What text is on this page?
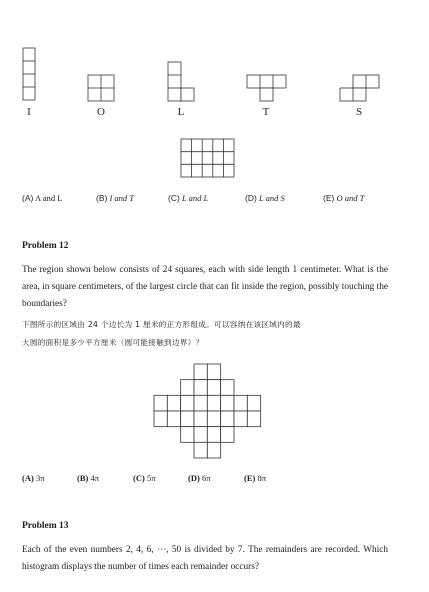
I	O	L	T	S
(A) A and L	(B) I and T	(C) L and L	(D) L and S	(E) O and T
Problem 12
The region shown below consists of 24 squares, each with side length 1 centimeter. What is the area, in square centimeters, of the largest circle that can fit inside the region, possibly touching the boundaries?
下图所示的区域由 24 个边长为 1 厘米的正方形组成。可以容纳在该区域内的最
大圆的面积是多少平方厘米（圆可能接触到边界）？
(A) 3π	(B) 4π	(C) 5π	(D) 6π	(E) 8π
Problem 13
Each of the even numbers 2, 4, 6, ⋯, 50 is divided by 7. The remainders are recorded. Which histogram displays the number of times each remainder occurs?
